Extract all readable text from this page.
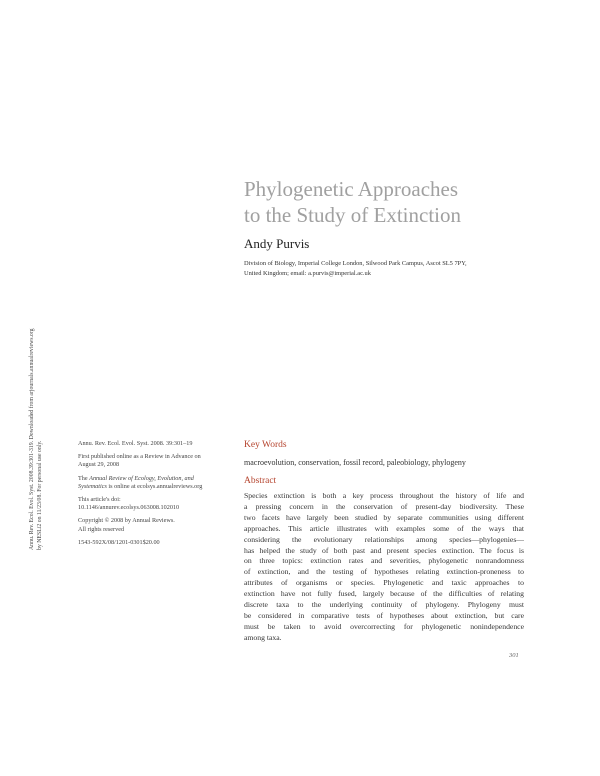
Phylogenetic Approaches
to the Study of Extinction
Andy Purvis
Division of Biology, Imperial College London, Silwood Park Campus, Ascot SL5 7PY,
United Kingdom; email: a.purvis@imperial.ac.uk
Annu. Rev. Ecol. Evol. Syst. 2008.39:301-319. Downloaded from arjournals.annualreviews.org by NESLi2 on 11/23/08. For personal use only.	Annu. Rev. Ecol. Evol. Syst. 2008. 39:301–19

First published online as a Review in Advance on
August 29, 2008

The Annual Review of Ecology, Evolution, and
Systematics is online at ecolsys.annualreviews.org

This article's doi:
10.1146/annurev.ecolsys.063008.102010

Copyright © 2008 by Annual Reviews.
All rights reserved

1543-592X/08/1201-0301$20.00

Key Words
macroevolution, conservation, fossil record, paleobiology, phylogeny
Abstract
Species extinction is both a key process throughout the history of life and
a pressing concern in the conservation of present-day biodiversity. These
two facets have largely been studied by separate communities using different
approaches. This article illustrates with examples some of the ways that
considering the evolutionary relationships among species—phylogenies—
has helped the study of both past and present species extinction. The focus is
on three topics: extinction rates and severities, phylogenetic nonrandomness
of extinction, and the testing of hypotheses relating extinction-proneness to
attributes of organisms or species. Phylogenetic and taxic approaches to
extinction have not fully fused, largely because of the difficulties of relating
discrete taxa to the underlying continuity of phylogeny. Phylogeny must
be considered in comparative tests of hypotheses about extinction, but care
must be taken to avoid overcorrecting for phylogenetic nonindependence
among taxa.
301
